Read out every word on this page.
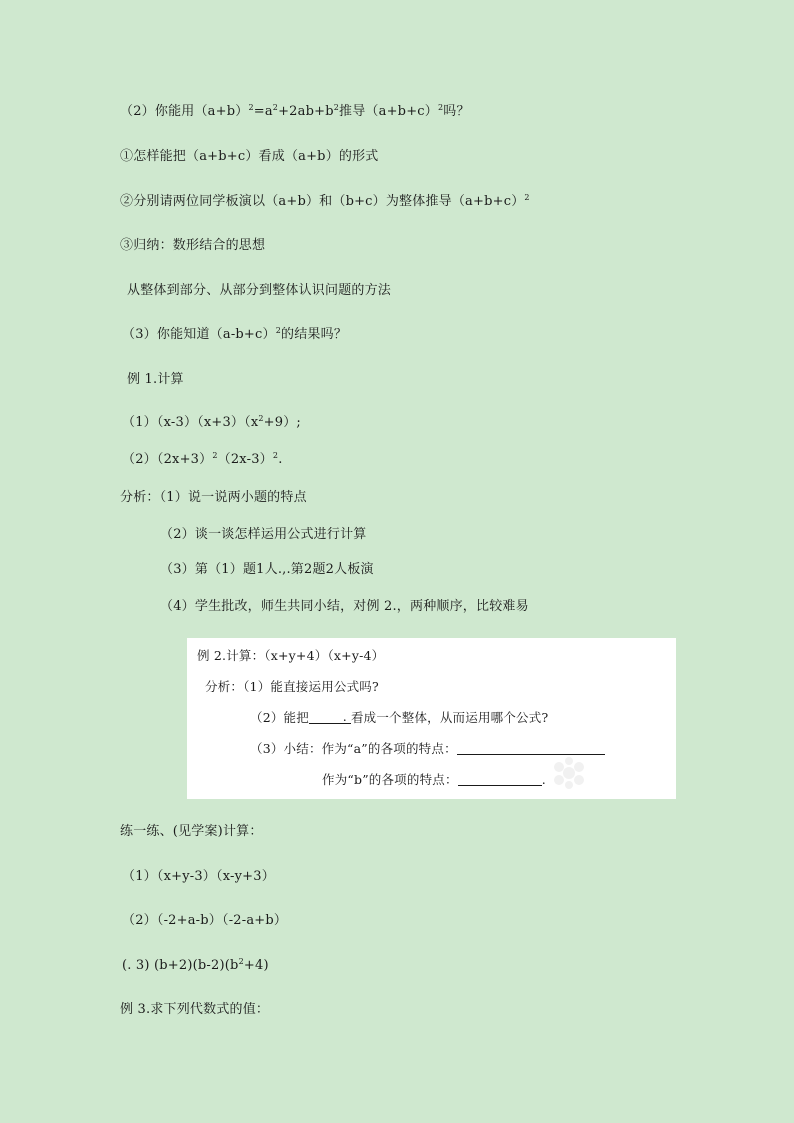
（2）你能用$(a+b)^2=a^2+2ab+b^2$推导$(a+b+c)^2$吗？
①怎样能把（a+b+c）看成（a+b）的形式
②分别请两位同学板演以（a+b）和（b+c）为整体推导$(a+b+c)^2$
③归纳：数形结合的思想
从整体到部分、从部分到整体认识问题的方法
（3）你能知道$(a-b+c)^2$的结果吗？
例 1.计算
$(1)(x-3)(x+3)(x^2+9)$;
$(2)(2x+3)^2(2x-3)^2$.
分析：（1）说一说两小题的特点
（2）谈一谈怎样运用公式进行计算
（3）第（1）题1人.,.第2题2人板演
（4）学生批改，师生共同小结，对例 2.，两种顺序，比较难易
例 2.计算：（x+y+4）（x+y-4）
分析：（1）能直接运用公式吗?
（2）能把	. 看成一个整体，从而运用哪个公式?
（3）小结：作为“a”的各项的特点：
作为“b”的各项的特点：	.
练一练、(见学案)计算：
（1）（x+y-3）（x-y+3）
（2）（-2+a-b）（-2-a+b）
(. 3) $(b+2)(b-2)(b^2+4)$
例 3.求下列代数式的值：
